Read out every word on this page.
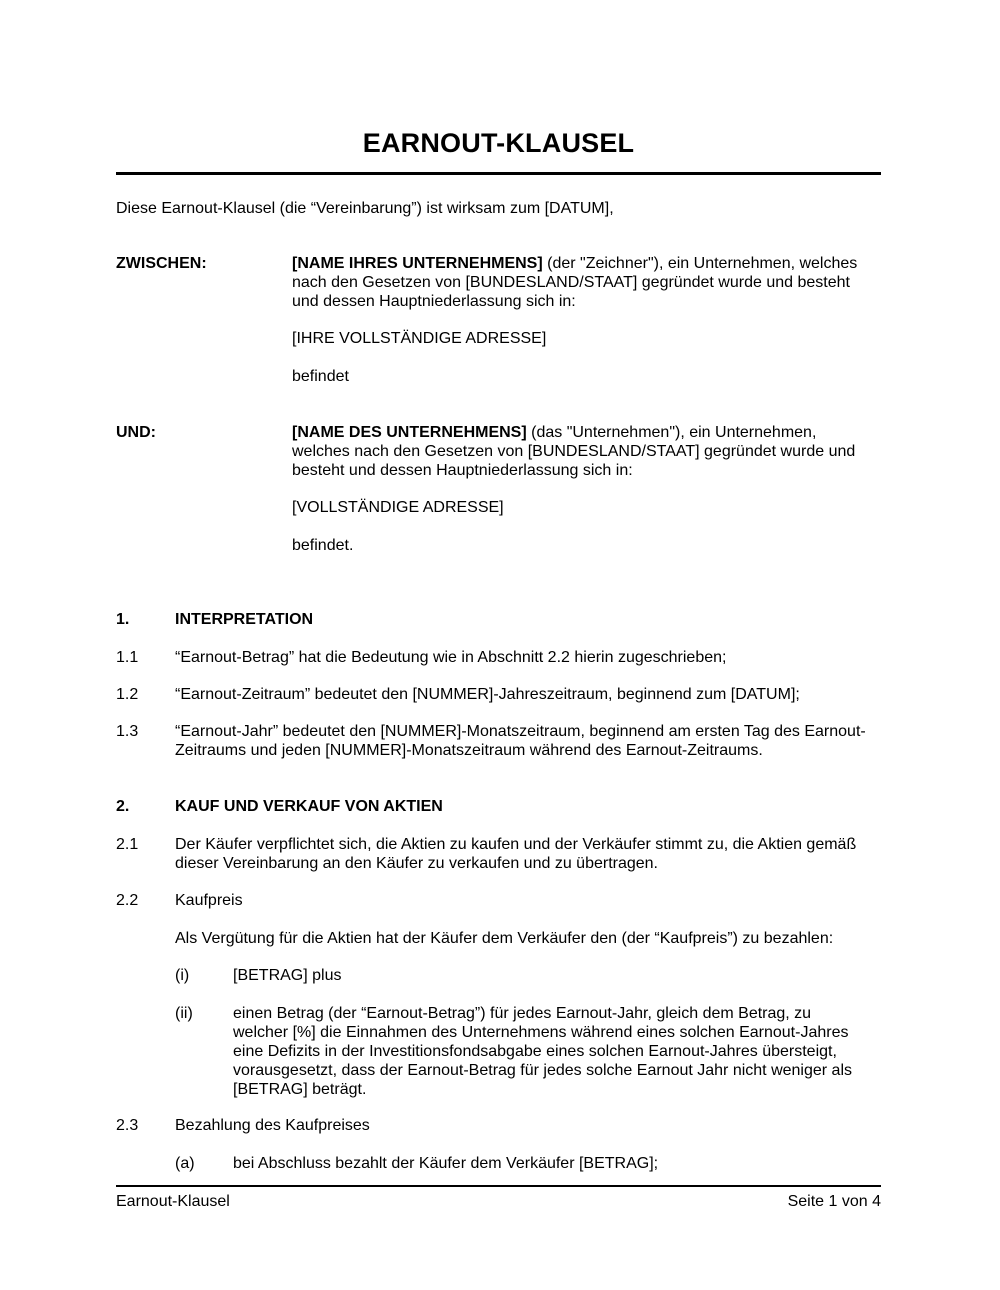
EARNOUT-KLAUSEL
Diese Earnout-Klausel (die “Vereinbarung”) ist wirksam zum [DATUM],
ZWISCHEN:	[NAME IHRES UNTERNEHMENS] (der "Zeichner"), ein Unternehmen, welches
nach den Gesetzen von [BUNDESLAND/STAAT] gegründet wurde und besteht
und dessen Hauptniederlassung sich in:
[IHRE VOLLSTÄNDIGE ADRESSE]
befindet
UND:	[NAME DES UNTERNEHMENS] (das "Unternehmen"), ein Unternehmen,
welches nach den Gesetzen von [BUNDESLAND/STAAT] gegründet wurde und
besteht und dessen Hauptniederlassung sich in:
[VOLLSTÄNDIGE ADRESSE]
befindet.
1.	INTERPRETATION
1.1 “Earnout-Betrag” hat die Bedeutung wie in Abschnitt 2.2 hierin zugeschrieben;
1.2 “Earnout-Zeitraum” bedeutet den [NUMMER]-Jahreszeitraum, beginnend zum [DATUM];
1.3 “Earnout-Jahr” bedeutet den [NUMMER]-Monatszeitraum, beginnend am ersten Tag des Earnout-
Zeitraums und jeden [NUMMER]-Monatszeitraum während des Earnout-Zeitraums.
2.	KAUF UND VERKAUF VON AKTIEN
2.1 Der Käufer verpflichtet sich, die Aktien zu kaufen und der Verkäufer stimmt zu, die Aktien gemäß
dieser Vereinbarung an den Käufer zu verkaufen und zu übertragen.
2.2 Kaufpreis
Als Vergütung für die Aktien hat der Käufer dem Verkäufer den (der “Kaufpreis”) zu bezahlen:
(i)	[BETRAG] plus
(ii)	einen Betrag (der “Earnout-Betrag”) für jedes Earnout-Jahr, gleich dem Betrag, zu
welcher [%] die Einnahmen des Unternehmens während eines solchen Earnout-Jahres
eine Defizits in der Investitionsfondsabgabe eines solchen Earnout-Jahres übersteigt,
vorausgesetzt, dass der Earnout-Betrag für jedes solche Earnout Jahr nicht weniger als
[BETRAG] beträgt.
2.3 Bezahlung des Kaufpreises
(a) bei Abschluss bezahlt der Käufer dem Verkäufer [BETRAG];
Earnout-Klausel	Seite 1 von 4
